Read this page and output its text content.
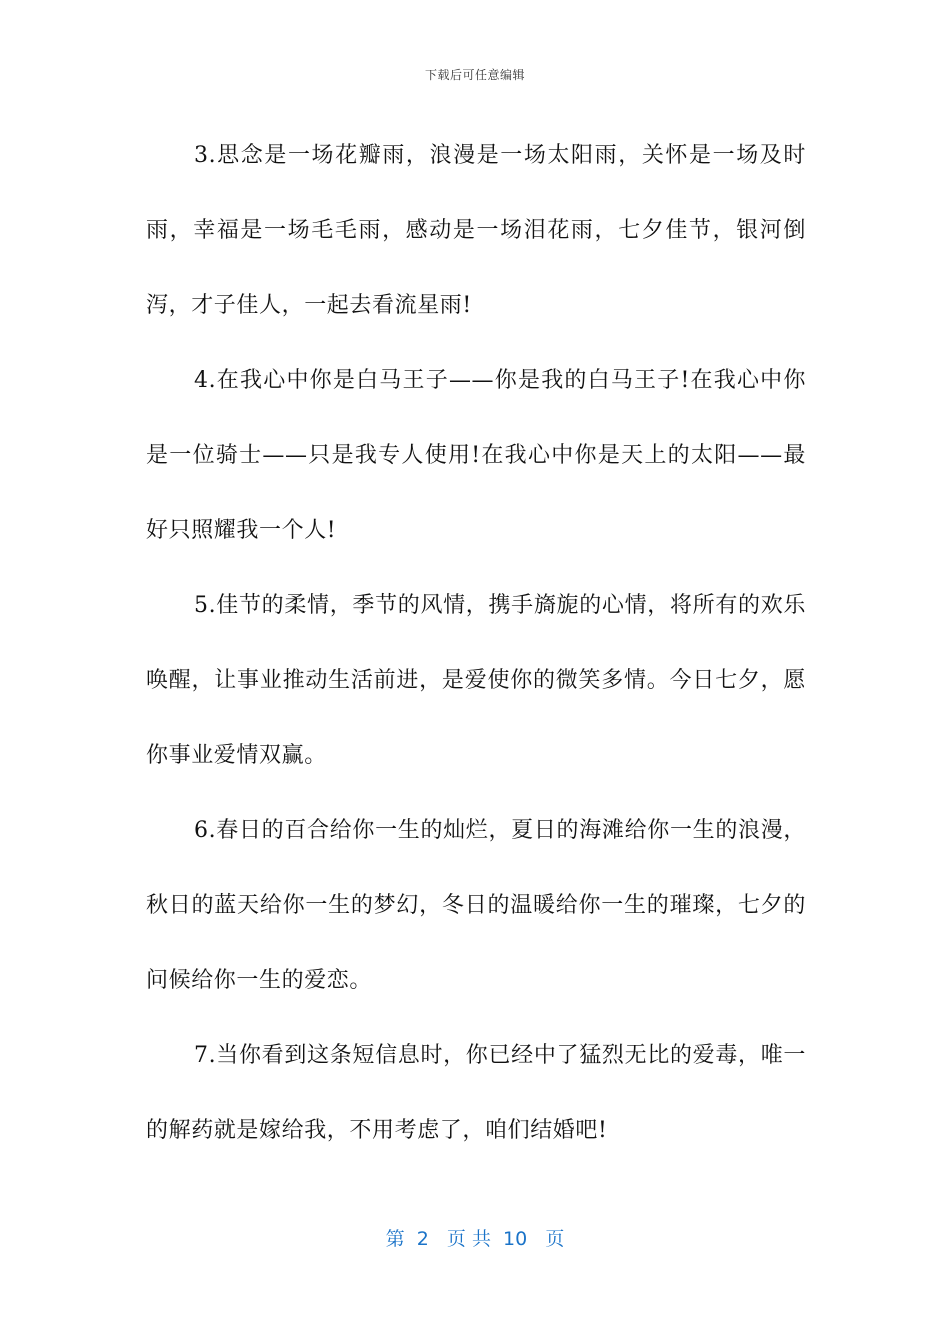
下载后可任意编辑

3.思念是一场花瓣雨，浪漫是一场太阳雨，关怀是一场及时雨，幸福是一场毛毛雨，感动是一场泪花雨，七夕佳节，银河倒泻，才子佳人，一起去看流星雨!

4.在我心中你是白马王子——你是我的白马王子!在我心中你是一位骑士——只是我专人使用!在我心中你是天上的太阳——最好只照耀我一个人!

5.佳节的柔情，季节的风情，携手旖旎的心情，将所有的欢乐唤醒，让事业推动生活前进，是爱使你的微笑多情。今日七夕，愿你事业爱情双赢。

6.春日的百合给你一生的灿烂，夏日的海滩给你一生的浪漫，秋日的蓝天给你一生的梦幻，冬日的温暖给你一生的璀璨，七夕的问候给你一生的爱恋。

7.当你看到这条短信息时，你已经中了猛烈无比的爱毒，唯一的解药就是嫁给我，不用考虑了，咱们结婚吧!

第  2   页 共  10   页
